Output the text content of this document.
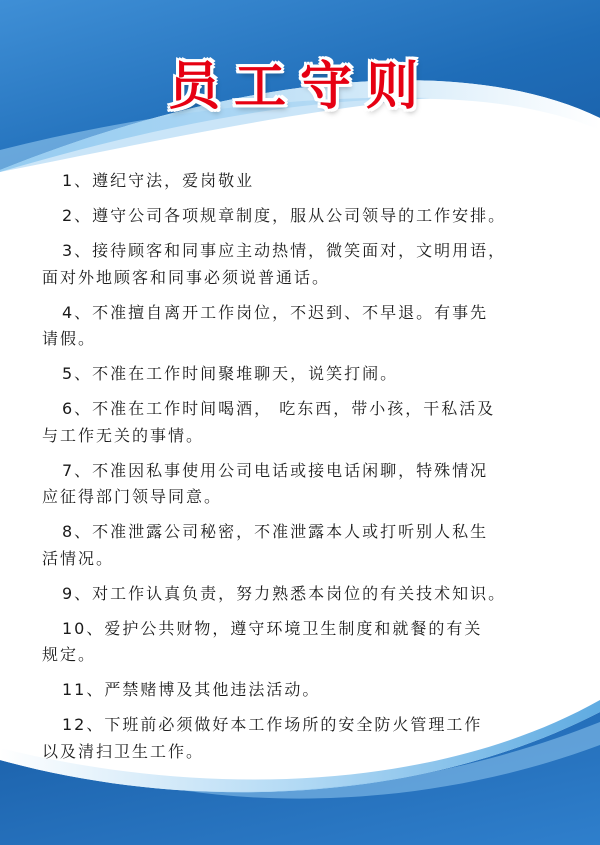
员工守则
1、遵纪守法，爱岗敬业
2、遵守公司各项规章制度，服从公司领导的工作安排。
3、接待顾客和同事应主动热情，微笑面对，文明用语，
面对外地顾客和同事必须说普通话。
4、不准擅自离开工作岗位，不迟到、不早退。有事先
请假。
5、不准在工作时间聚堆聊天，说笑打闹。
6、不准在工作时间喝酒， 吃东西，带小孩，干私活及
与工作无关的事情。
7、不准因私事使用公司电话或接电话闲聊，特殊情况
应征得部门领导同意。
8、不准泄露公司秘密，不准泄露本人或打听别人私生
活情况。
9、对工作认真负责，努力熟悉本岗位的有关技术知识。
10、爱护公共财物，遵守环境卫生制度和就餐的有关
规定。
11、严禁赌博及其他违法活动。
12、下班前必须做好本工作场所的安全防火管理工作
以及清扫卫生工作。
